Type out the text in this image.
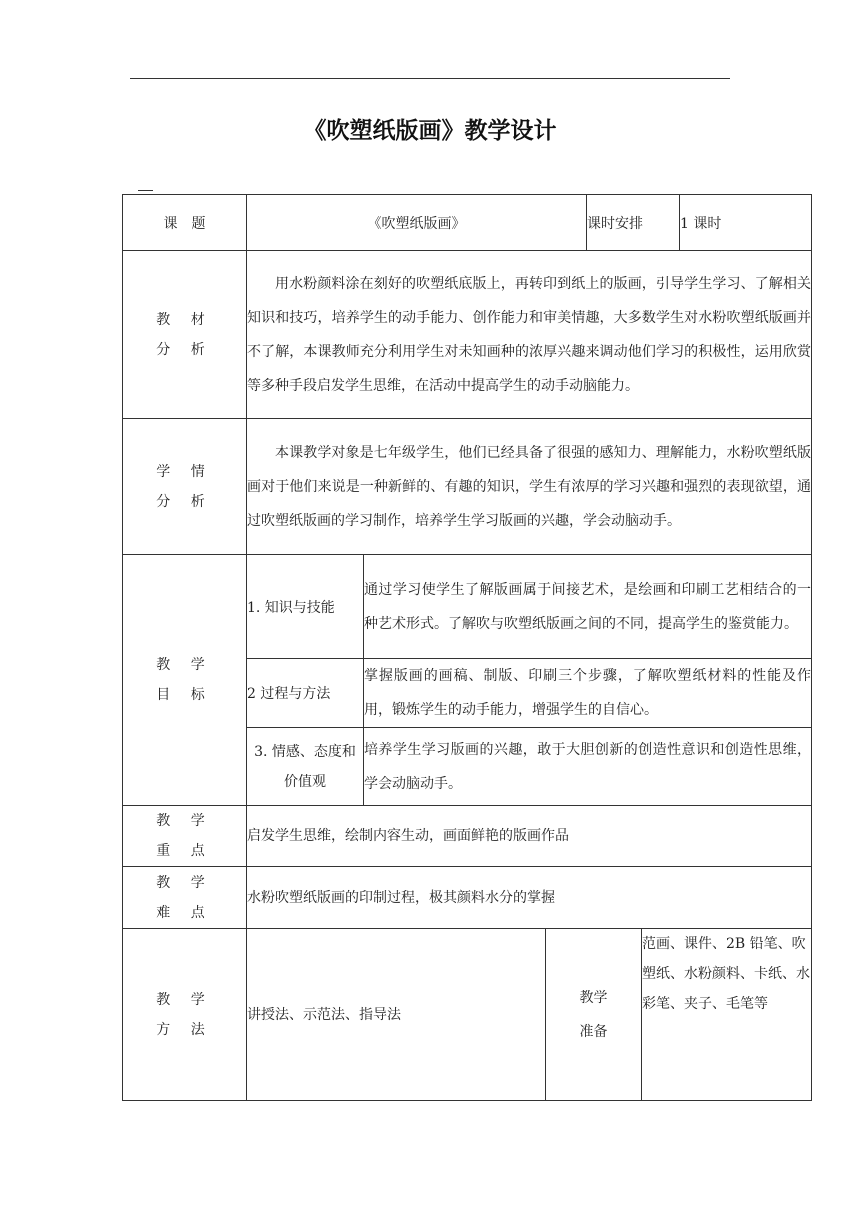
《吹塑纸版画》教学设计
课　题	《吹塑纸版画》			课时安排		1 课时

教 材
分 析	用水粉颜料涂在刻好的吹塑纸底版上，再转印到纸上的版画，引导学生学习、了解相关知识和技巧，培养学生的动手能力、创作能力和审美情趣，大多数学生对水粉吹塑纸版画并不了解，本课教师充分利用学生对未知画种的浓厚兴趣来调动他们学习的积极性，运用欣赏等多种手段启发学生思维，在活动中提高学生的动手动脑能力。					

学 情
分 析	本课教学对象是七年级学生，他们已经具备了很强的感知力、理解能力，水粉吹塑纸版画对于他们来说是一种新鲜的、有趣的知识，学生有浓厚的学习兴趣和强烈的表现欲望，通过吹塑纸版画的学习制作，培养学生学习版画的兴趣，学会动脑动手。					

教 学
目 标	1. 知识与技能	通过学习使学生了解版画属于间接艺术，是绘画和印刷工艺相结合的一种艺术形式。了解吹与吹塑纸版画之间的不同，提高学生的鉴赏能力。				
	2 过程与方法	掌握版画的画稿、制版、印刷三个步骤，了解吹塑纸材料的性能及作用，锻炼学生的动手能力，增强学生的自信心。				

	3. 情感、态度和
价值观	培养学生学习版画的兴趣，敢于大胆创新的创造性意识和创造性思维，学会动脑动手。				

教 学
重 点	启发学生思维，绘制内容生动，画面鲜艳的版画作品					

教 学
难 点	水粉吹塑纸版画的印制过程，极其颜料水分的掌握					

教 学
方 法	讲授法、示范法、指导法		教学
准备		范画、课件、2B 铅笔、吹塑纸、水粉颜料、卡纸、水彩笔、夹子、毛笔等	
